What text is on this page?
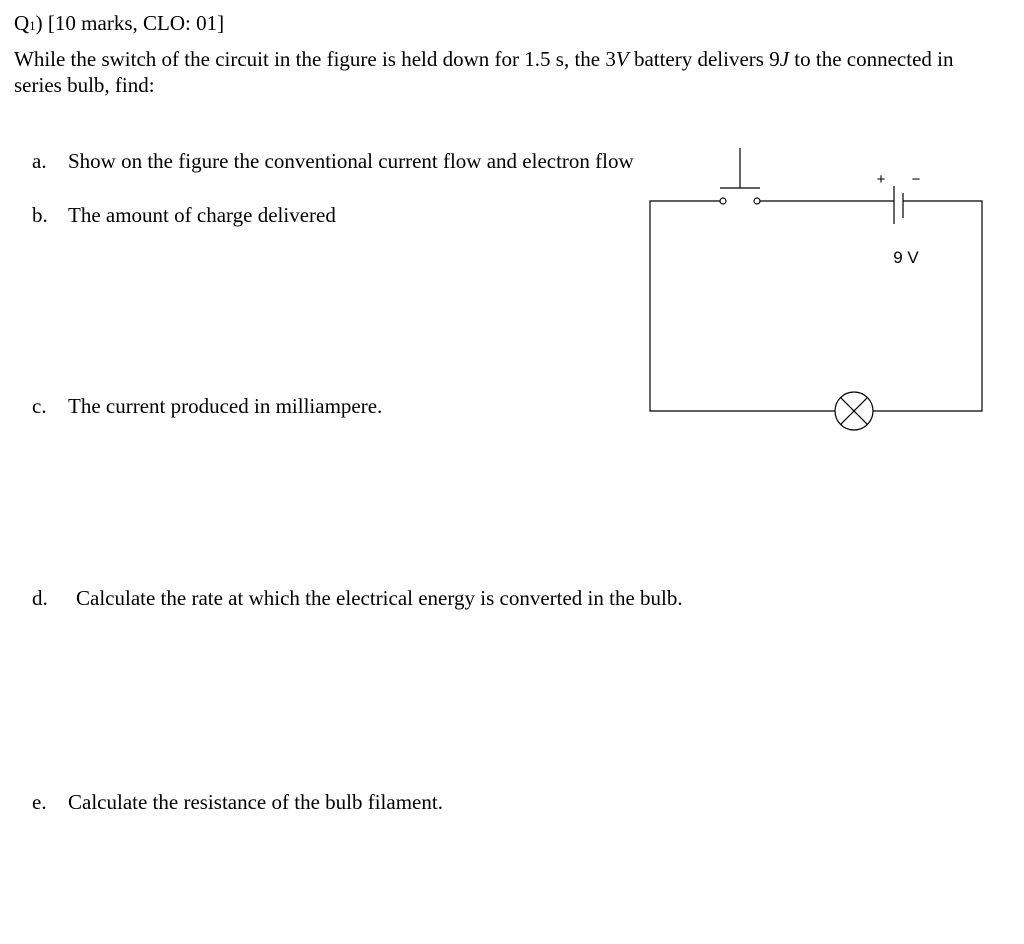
Q1) [10 marks, CLO: 01]
While the switch of the circuit in the figure is held down for 1.5 s, the 3V battery delivers 9J to the connected in series bulb, find:
a. Show on the figure the conventional current flow and electron flow
b. The amount of charge delivered
c. The current produced in milliampere.
d. Calculate the rate at which the electrical energy is converted in the bulb.
e. Calculate the resistance of the bulb filament.
+ −
9 V
